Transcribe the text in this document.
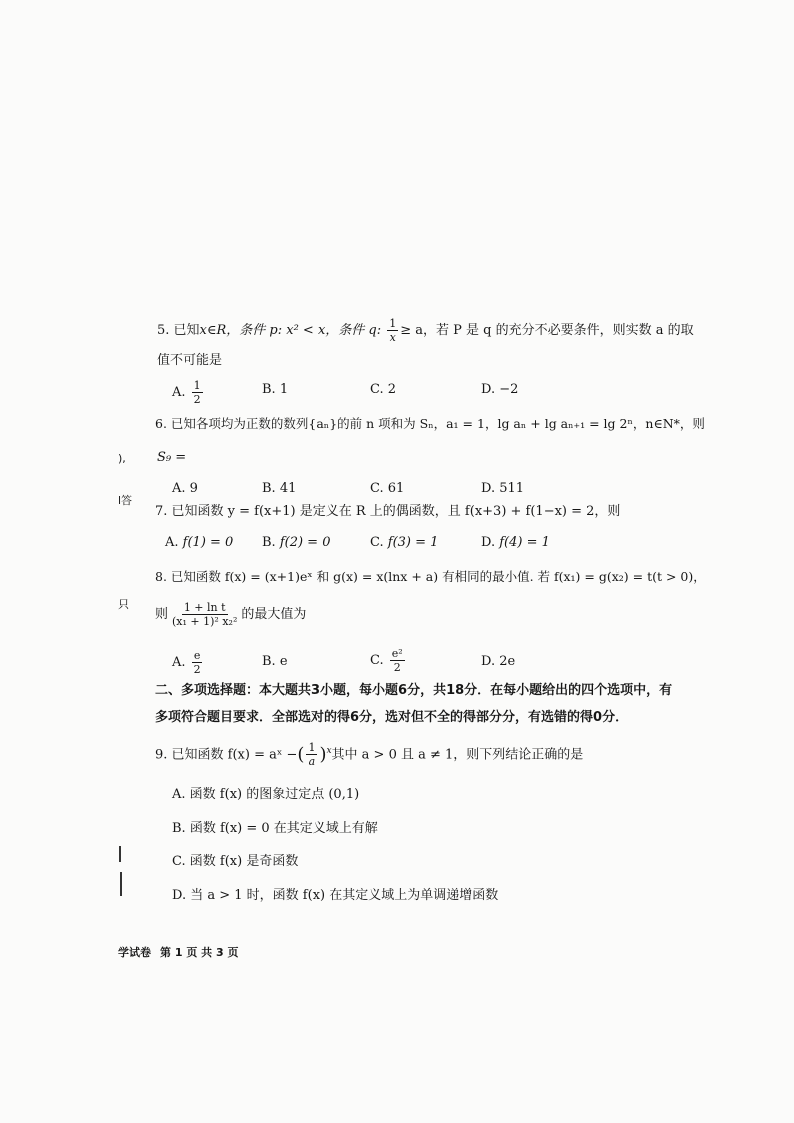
5. 已知x∈R，条件 p: x² < x，条件 q: $\frac{1}{x} \ge a$，若 P 是 q 的充分不必要条件，则实数 a 的取
值不可能是
A. $\frac{1}{2}$	B. 1	C. 2	D. −2
6. 已知各项均为正数的数列{aₙ}的前 n 项和为 Sₙ，a₁ = 1，lg aₙ + lg aₙ₊₁ = lg 2ⁿ，n∈N*，则
S₉ =
A. 9	B. 41	C. 61	D. 511
7. 已知函数 y = f(x+1) 是定义在 R 上的偶函数，且 f(x+3) + f(1−x) = 2，则
A. f(1) = 0 B. f(2) = 0	C. f(3) = 1	D. f(4) = 1
8. 已知函数 f(x) = (x+1)eˣ 和 g(x) = x(lnx + a) 有相同的最小值. 若 f(x₁) = g(x₂) = t(t > 0)，
则 $\frac{\text{1 + ln t}}{\text{(x₁ + 1)² x₂²}}$ 的最大值为
A. $\frac{e}{2}$	B. e	C. $\frac{\text{e²}}{2}$	D. 2e
二、多项选择题：本大题共3小题，每小题6分，共18分．在每小题给出的四个选项中，有
多项符合题目要求．全部选对的得6分，选对但不全的得部分分，有选错的得0分．
9. 已知函数 f(x) = aˣ −( $\frac{1}{a} )^x$其中 a > 0 且 a ≠ 1，则下列结论正确的是
A. 函数 f(x) 的图象过定点 (0,1)
B. 函数 f(x) = 0 在其定义域上有解
C. 函数 f(x) 是奇函数
D. 当 a > 1 时，函数 f(x) 在其定义域上为单调递增函数
),
l答
只
学试卷 第 1 页 共 3 页
